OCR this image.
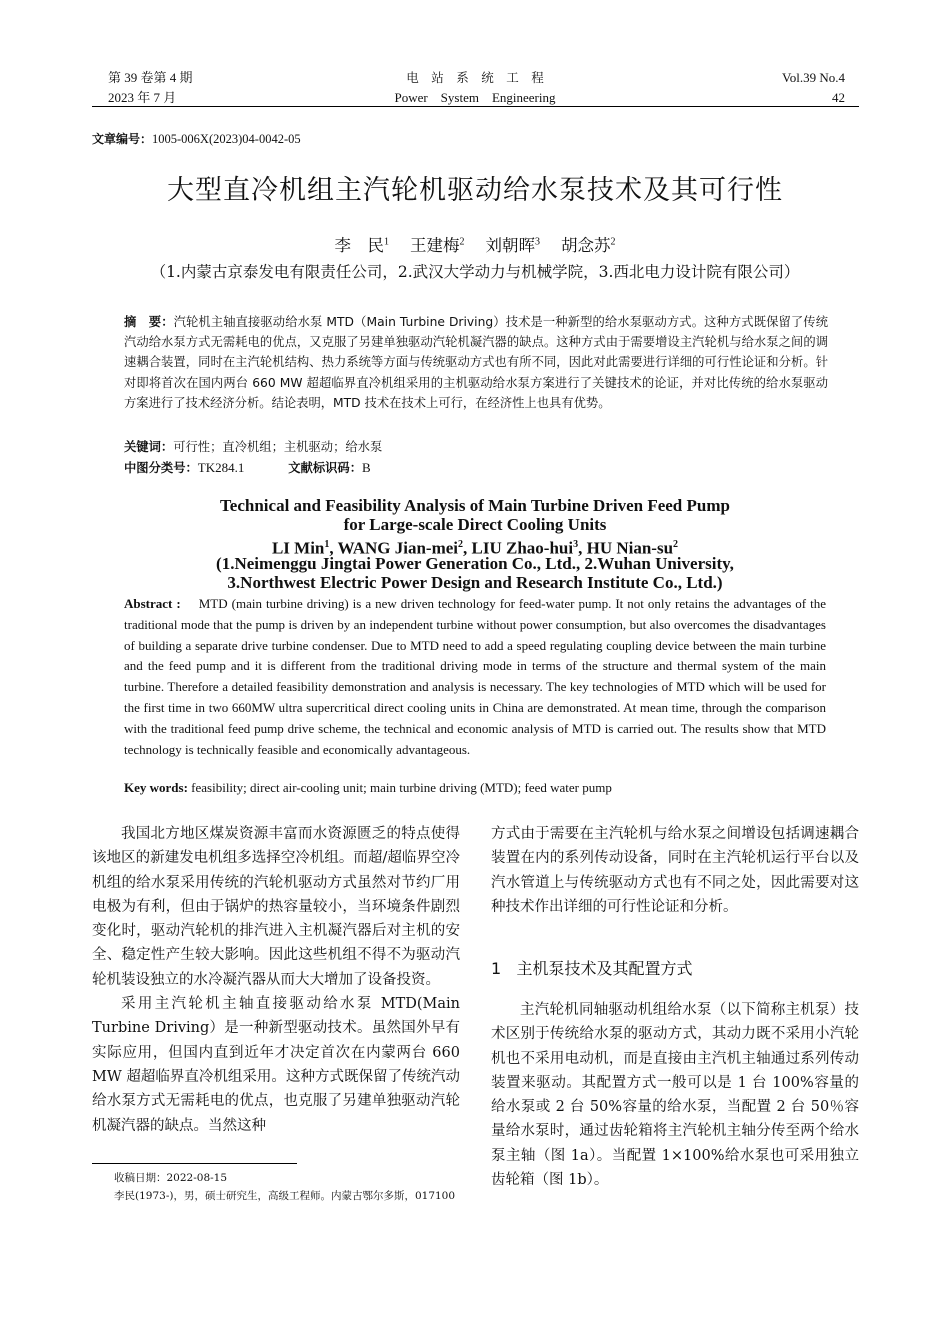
第 39 卷第 4 期
2023 年 7 月
电　站　系　统　工　程
Power　System　Engineering
Vol.39 No.4
42
文章编号：1005-006X(2023)04-0042-05
大型直冷机组主汽轮机驱动给水泵技术及其可行性
李　民$^1$ 王建梅$^2$ 刘朝晖$^3$ 胡念苏$^2$
（1.内蒙古京泰发电有限责任公司，2.武汉大学动力与机械学院，3.西北电力设计院有限公司）
摘　要：汽轮机主轴直接驱动给水泵 MTD（Main Turbine Driving）技术是一种新型的给水泵驱动方式。这种方式既保留了传统汽动给水泵方式无需耗电的优点，又克服了另建单独驱动汽轮机凝汽器的缺点。这种方式由于需要增设主汽轮机与给水泵之间的调速耦合装置，同时在主汽轮机结构、热力系统等方面与传统驱动方式也有所不同，因此对此需要进行详细的可行性论证和分析。针对即将首次在国内两台 660 MW 超超临界直冷机组采用的主机驱动给水泵方案进行了关键技术的论证，并对比传统的给水泵驱动方案进行了技术经济分析。结论表明，MTD 技术在技术上可行，在经济性上也具有优势。
关键词：可行性；直冷机组；主机驱动；给水泵
中图分类号：TK284.1	文献标识码：B
Technical and Feasibility Analysis of Main Turbine Driven Feed Pump
for Large-scale Direct Cooling Units
LI Min$^1$, WANG Jian-mei$^2$, LIU Zhao-hui$^3$, HU Nian-$su^2$
(1.Neimenggu Jingtai Power Generation Co., Ltd., 2.Wuhan University,
3.Northwest Electric Power Design and Research Institute Co., Ltd.)
Abstract : MTD (main turbine driving) is a new driven technology for feed-water pump. It not only retains the advantages of the traditional mode that the pump is driven by an independent turbine without power consumption, but also overcomes the disadvantages of building a separate drive turbine condenser. Due to MTD need to add a speed regulating coupling device between the main turbine and the feed pump and it is different from the traditional driving mode in terms of the structure and thermal system of the main turbine. Therefore a detailed feasibility demonstration and analysis is necessary. The key technologies of MTD which will be used for the first time in two 660MW ultra supercritical direct cooling units in China are demonstrated. At mean time, through the comparison with the traditional feed pump drive scheme, the technical and economic analysis of MTD is carried out. The results show that MTD technology is technically feasible and economically advantageous.
Key words: feasibility; direct air-cooling unit; main turbine driving (MTD); feed water pump

我国北方地区煤炭资源丰富而水资源匮乏的特点使得该地区的新建发电机组多选择空冷机组。而超/超临界空冷机组的给水泵采用传统的汽轮机驱动方式虽然对节约厂用电极为有利，但由于锅炉的热容量较小，当环境条件剧烈变化时，驱动汽轮机的排汽进入主机凝汽器后对主机的安全、稳定性产生较大影响。因此这些机组不得不为驱动汽轮机装设独立的水冷凝汽器从而大大增加了设备投资。

采用主汽轮机主轴直接驱动给水泵 MTD(Main Turbine Driving）是一种新型驱动技术。虽然国外早有实际应用，但国内直到近年才决定首次在内蒙两台 660 MW 超超临界直冷机组采用。这种方式既保留了传统汽动给水泵方式无需耗电的优点，也克服了另建单独驱动汽轮机凝汽器的缺点。当然这种

方式由于需要在主汽轮机与给水泵之间增设包括调速耦合装置在内的系列传动设备，同时在主汽轮机运行平台以及汽水管道上与传统驱动方式也有不同之处，因此需要对这种技术作出详细的可行性论证和分析。

1 主机泵技术及其配置方式

主汽轮机同轴驱动机组给水泵（以下简称主机泵）技术区别于传统给水泵的驱动方式，其动力既不采用小汽轮机也不采用电动机，而是直接由主汽机主轴通过系列传动装置来驱动。其配置方式一般可以是 1 台 100%容量的给水泵或 2 台 50%容量的给水泵，当配置 2 台 50％容量给水泵时，通过齿轮箱将主汽轮机主轴分传至两个给水泵主轴（图 1a）。当配置 1×100%给水泵也可采用独立齿轮箱（图 1b）。

收稿日期：2022-08-15
李民(1973-)，男，硕士研究生，高级工程师。内蒙古鄂尔多斯，017100
